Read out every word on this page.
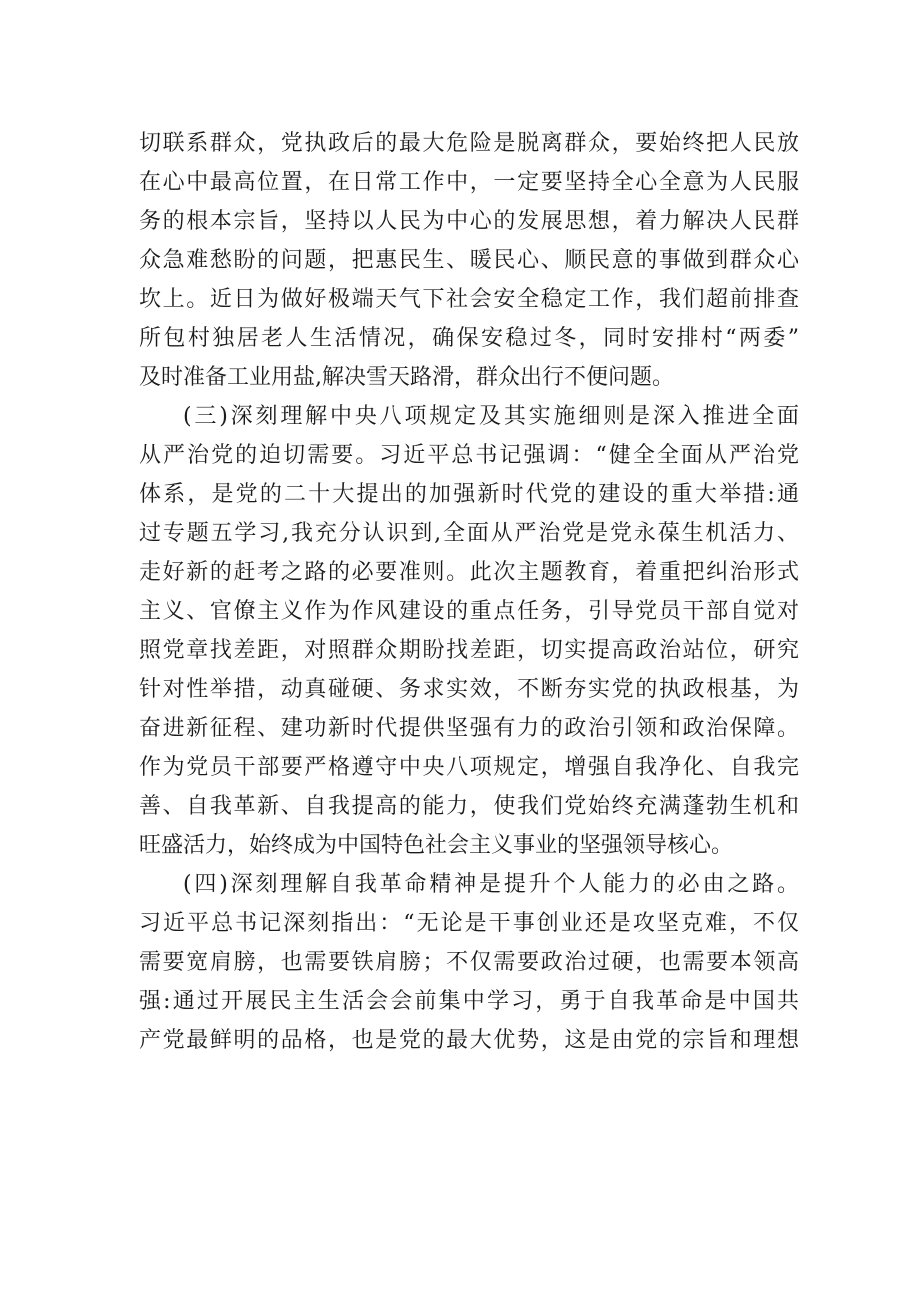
切联系群众，党执政后的最大危险是脱离群众，要始终把人民放
在心中最高位置，在日常工作中，一定要坚持全心全意为人民服
务的根本宗旨，坚持以人民为中心的发展思想，着力解决人民群
众急难愁盼的问题，把惠民生、暖民心、顺民意的事做到群众心
坎上。近日为做好极端天气下社会安全稳定工作，我们超前排查
所包村独居老人生活情况，确保安稳过冬，同时安排村“两委”
及时准备工业用盐,解决雪天路滑，群众出行不便问题。
(三)深刻理解中央八项规定及其实施细则是深入推进全面
从严治党的迫切需要。习近平总书记强调：“健全全面从严治党
体系，是党的二十大提出的加强新时代党的建设的重大举措:通
过专题五学习,我充分认识到,全面从严治党是党永葆生机活力、
走好新的赶考之路的必要准则。此次主题教育，着重把纠治形式
主义、官僚主义作为作风建设的重点任务，引导党员干部自觉对
照党章找差距，对照群众期盼找差距，切实提高政治站位，研究
针对性举措，动真碰硬、务求实效，不断夯实党的执政根基，为
奋进新征程、建功新时代提供坚强有力的政治引领和政治保障。
作为党员干部要严格遵守中央八项规定，增强自我净化、自我完
善、自我革新、自我提高的能力，使我们党始终充满蓬勃生机和
旺盛活力，始终成为中国特色社会主义事业的坚强领导核心。
(四)深刻理解自我革命精神是提升个人能力的必由之路。
习近平总书记深刻指出：“无论是干事创业还是攻坚克难，不仅
需要宽肩膀，也需要铁肩膀；不仅需要政治过硬，也需要本领高
强:通过开展民主生活会会前集中学习，勇于自我革命是中国共
产党最鲜明的品格，也是党的最大优势，这是由党的宗旨和理想
